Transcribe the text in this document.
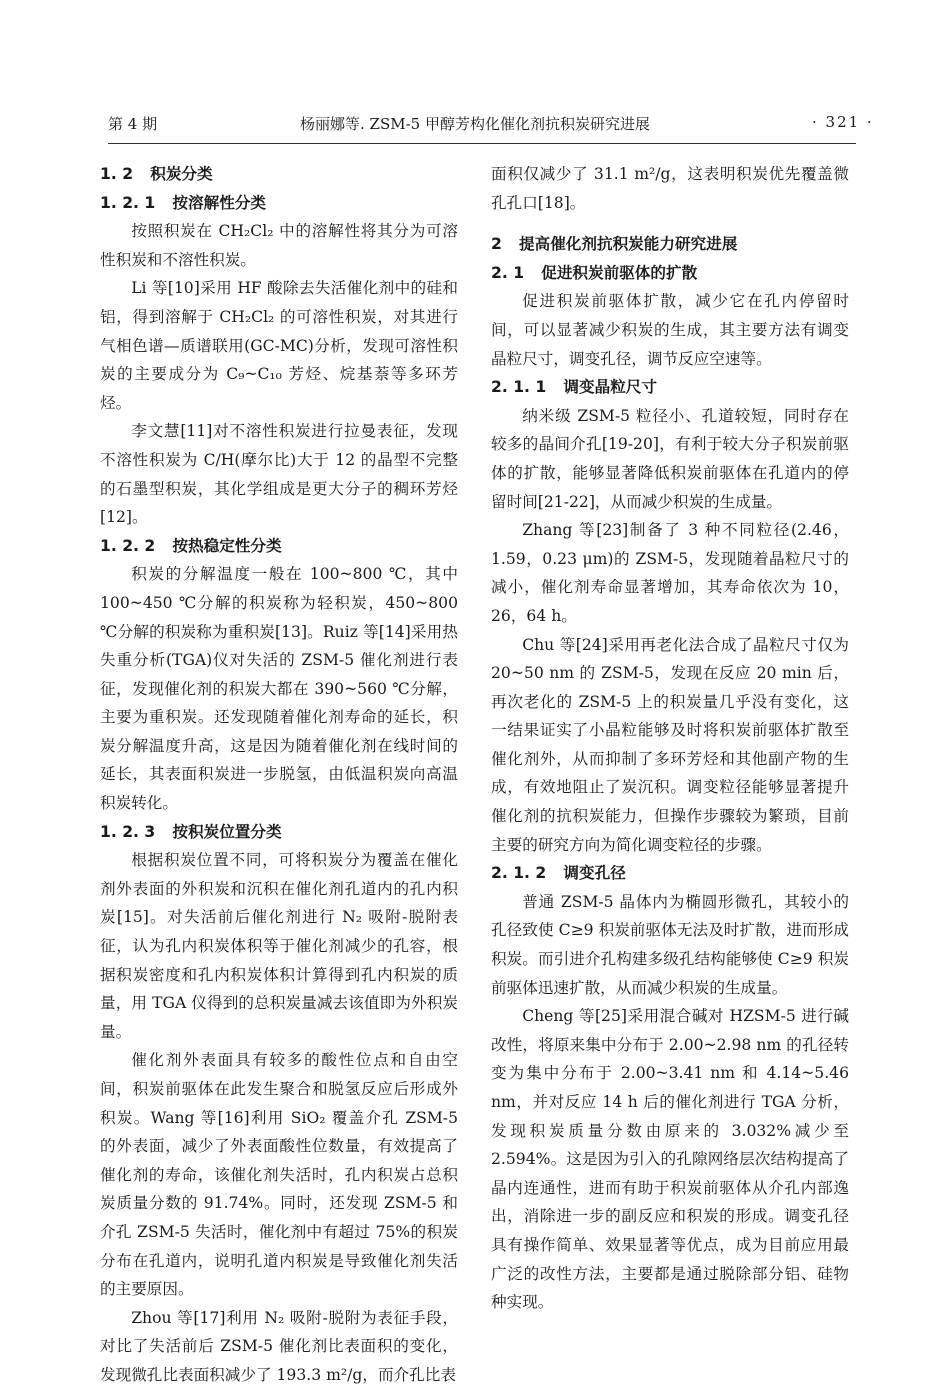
第 4 期	杨丽娜等. ZSM-5 甲醇芳构化催化剂抗积炭研究进展	· 321 ·
1. 2 积炭分类
1. 2. 1 按溶解性分类

按照积炭在 CH₂Cl₂ 中的溶解性将其分为可溶性积炭和不溶性积炭。

Li 等[10]采用 HF 酸除去失活催化剂中的硅和铝，得到溶解于 CH₂Cl₂ 的可溶性积炭，对其进行气相色谱—质谱联用(GC-MC)分析，发现可溶性积炭的主要成分为 C₉~C₁₀ 芳烃、烷基萘等多环芳烃。

李文慧[11]对不溶性积炭进行拉曼表征，发现不溶性积炭为 C/H(摩尔比)大于 12 的晶型不完整的石墨型积炭，其化学组成是更大分子的稠环芳烃[12]。

1. 2. 2 按热稳定性分类

积炭的分解温度一般在 100~800 ℃，其中 100~450 ℃分解的积炭称为轻积炭，450~800 ℃分解的积炭称为重积炭[13]。Ruiz 等[14]采用热失重分析(TGA)仪对失活的 ZSM-5 催化剂进行表征，发现催化剂的积炭大都在 390~560 ℃分解，主要为重积炭。还发现随着催化剂寿命的延长，积炭分解温度升高，这是因为随着催化剂在线时间的延长，其表面积炭进一步脱氢，由低温积炭向高温积炭转化。

1. 2. 3 按积炭位置分类

根据积炭位置不同，可将积炭分为覆盖在催化剂外表面的外积炭和沉积在催化剂孔道内的孔内积炭[15]。对失活前后催化剂进行 N₂ 吸附-脱附表征，认为孔内积炭体积等于催化剂减少的孔容，根据积炭密度和孔内积炭体积计算得到孔内积炭的质量，用 TGA 仪得到的总积炭量减去该值即为外积炭量。

催化剂外表面具有较多的酸性位点和自由空间，积炭前驱体在此发生聚合和脱氢反应后形成外积炭。Wang 等[16]利用 SiO₂ 覆盖介孔 ZSM-5 的外表面，减少了外表面酸性位数量，有效提高了催化剂的寿命，该催化剂失活时，孔内积炭占总积炭质量分数的 91.74%。同时，还发现 ZSM-5 和介孔 ZSM-5 失活时，催化剂中有超过 75%的积炭分布在孔道内，说明孔道内积炭是导致催化剂失活的主要原因。

Zhou 等[17]利用 N₂ 吸附-脱附为表征手段，对比了失活前后 ZSM-5 催化剂比表面积的变化，发现微孔比表面积减少了 193.3 m²/g，而介孔比表

面积仅减少了 31.1 m²/g，这表明积炭优先覆盖微孔孔口[18]。

2 提高催化剂抗积炭能力研究进展
2. 1 促进积炭前驱体的扩散

促进积炭前驱体扩散，减少它在孔内停留时间，可以显著减少积炭的生成，其主要方法有调变晶粒尺寸，调变孔径，调节反应空速等。

2. 1. 1 调变晶粒尺寸

纳米级 ZSM-5 粒径小、孔道较短，同时存在较多的晶间介孔[19-20]，有利于较大分子积炭前驱体的扩散，能够显著降低积炭前驱体在孔道内的停留时间[21-22]，从而减少积炭的生成量。

Zhang 等[23]制备了 3 种不同粒径(2.46，1.59，0.23 μm)的 ZSM-5，发现随着晶粒尺寸的减小，催化剂寿命显著增加，其寿命依次为 10，26，64 h。

Chu 等[24]采用再老化法合成了晶粒尺寸仅为 20~50 nm 的 ZSM-5，发现在反应 20 min 后，再次老化的 ZSM-5 上的积炭量几乎没有变化，这一结果证实了小晶粒能够及时将积炭前驱体扩散至催化剂外，从而抑制了多环芳烃和其他副产物的生成，有效地阻止了炭沉积。调变粒径能够显著提升催化剂的抗积炭能力，但操作步骤较为繁琐，目前主要的研究方向为简化调变粒径的步骤。

2. 1. 2 调变孔径

普通 ZSM-5 晶体内为椭圆形微孔，其较小的孔径致使 C≥9 积炭前驱体无法及时扩散，进而形成积炭。而引进介孔构建多级孔结构能够使 C≥9 积炭前驱体迅速扩散，从而减少积炭的生成量。

Cheng 等[25]采用混合碱对 HZSM-5 进行碱改性，将原来集中分布于 2.00~2.98 nm 的孔径转变为集中分布于 2.00~3.41 nm 和 4.14~5.46 nm，并对反应 14 h 后的催化剂进行 TGA 分析，发现积炭质量分数由原来的 3.032%减少至 2.594%。这是因为引入的孔隙网络层次结构提高了晶内连通性，进而有助于积炭前驱体从介孔内部逸出，消除进一步的副反应和积炭的形成。调变孔径具有操作简单、效果显著等优点，成为目前应用最广泛的改性方法，主要都是通过脱除部分铝、硅物种实现。
